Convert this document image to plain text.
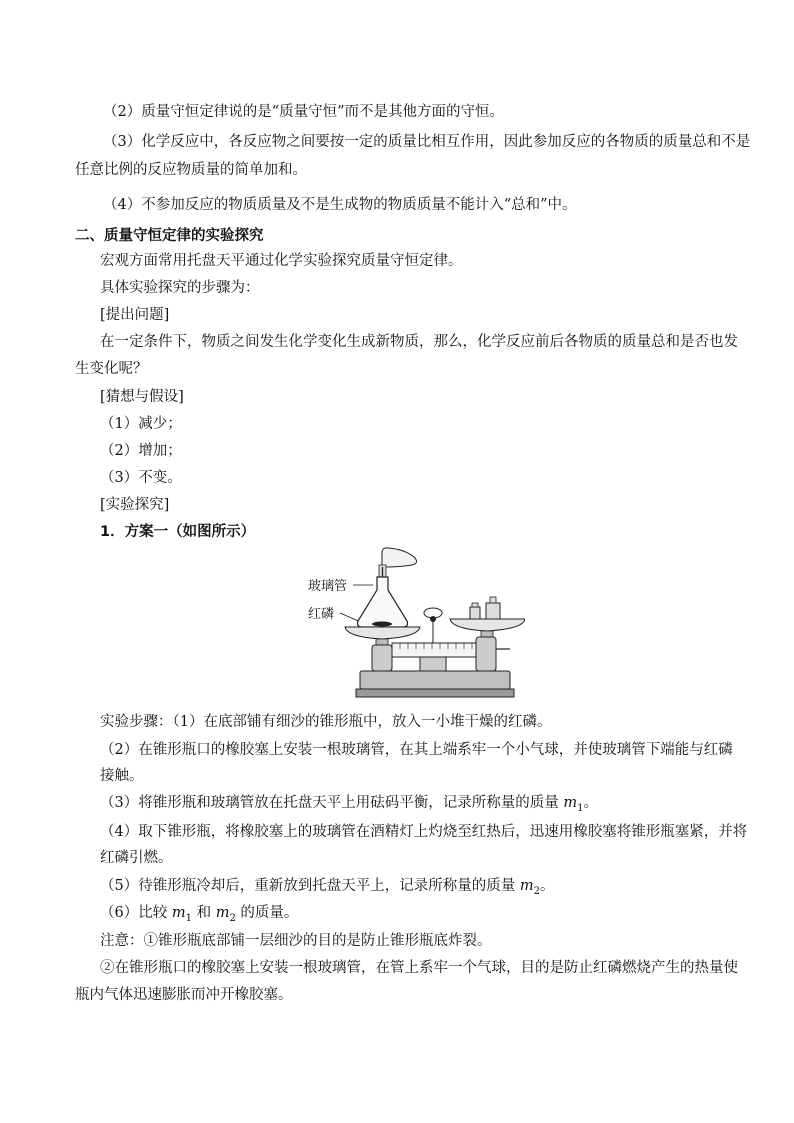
（2）质量守恒定律说的是“质量守恒”而不是其他方面的守恒。
（3）化学反应中，各反应物之间要按一定的质量比相互作用，因此参加反应的各物质的质量总和不是
任意比例的反应物质量的简单加和。
（4）不参加反应的物质质量及不是生成物的物质质量不能计入“总和”中。
二、质量守恒定律的实验探究
宏观方面常用托盘天平通过化学实验探究质量守恒定律。
具体实验探究的步骤为：
[提出问题]
在一定条件下，物质之间发生化学变化生成新物质，那么，化学反应前后各物质的质量总和是否也发
生变化呢？
[猜想与假设]
（1）减少；
（2）增加；
（3）不变。
[实验探究]
1．方案一（如图所示）
玻璃管
红磷
实验步骤：（1）在底部铺有细沙的锥形瓶中，放入一小堆干燥的红磷。
（2）在锥形瓶口的橡胶塞上安装一根玻璃管，在其上端系牢一个小气球，并使玻璃管下端能与红磷
接触。
（3）将锥形瓶和玻璃管放在托盘天平上用砝码平衡，记录所称量的质量 $m_1$。
（4）取下锥形瓶，将橡胶塞上的玻璃管在酒精灯上灼烧至红热后，迅速用橡胶塞将锥形瓶塞紧，并将
红磷引燃。
（5）待锥形瓶冷却后，重新放到托盘天平上，记录所称量的质量 $m_2$。
（6）比较 $m_1$ 和 $m_2$ 的质量。
注意：①锥形瓶底部铺一层细沙的目的是防止锥形瓶底炸裂。
②在锥形瓶口的橡胶塞上安装一根玻璃管，在管上系牢一个气球，目的是防止红磷燃烧产生的热量使
瓶内气体迅速膨胀而冲开橡胶塞。
